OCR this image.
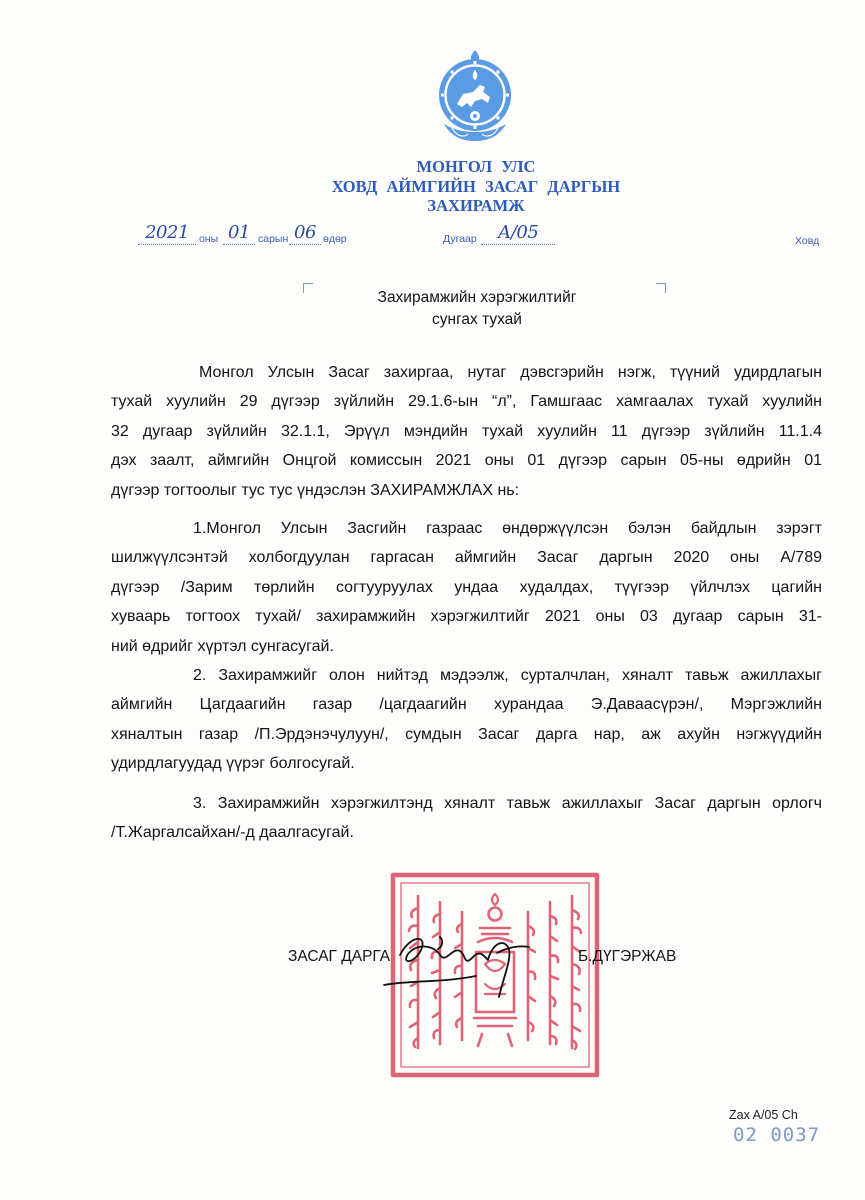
МОНГОЛ УЛС
ХОВД АЙМГИЙН ЗАСАГ ДАРГЫН
ЗАХИРАМЖ
2021 оны 01 сарын 06 өдөр	Дугаар	А/05	Ховд
Захирамжийн хэрэгжилтийг
сунгах тухай
Монгол Улсын Засаг захиргаа, нутаг дэвсгэрийн нэгж, түүний удирдлагын
тухай хуулийн 29 дүгээр зүйлийн 29.1.6-ын “л”, Гамшгаас хамгаалах тухай хуулийн
32 дугаар зүйлийн 32.1.1, Эрүүл мэндийн тухай хуулийн 11 дүгээр зүйлийн 11.1.4
дэх заалт, аймгийн Онцгой комиссын 2021 оны 01 дүгээр сарын 05-ны өдрийн 01
дүгээр тогтоолыг тус тус үндэслэн ЗАХИРАМЖЛАХ нь:
1.Монгол Улсын Засгийн газраас өндөржүүлсэн бэлэн байдлын зэрэгт
шилжүүлсэнтэй холбогдуулан гаргасан аймгийн Засаг даргын 2020 оны А/789
дүгээр /Зарим төрлийн согтууруулах ундаа худалдах, түүгээр үйлчлэх цагийн
хуваарь тогтоох тухай/ захирамжийн хэрэгжилтийг 2021 оны 03 дугаар сарын 31-
ний өдрийг хүртэл сунгасугай.
2. Захирамжийг олон нийтэд мэдээлж, сурталчлан, хяналт тавьж ажиллахыг
аймгийн Цагдаагийн газар /цагдаагийн хурандаа Э.Даваасүрэн/, Мэргэжлийн
хяналтын газар /П.Эрдэнэчулуун/, сумдын Засаг дарга нар, аж ахуйн нэгжүүдийн
удирдлагуудад үүрэг болгосугай.
3. Захирамжийн хэрэгжилтэнд хяналт тавьж ажиллахыг Засаг даргын орлогч
/Т.Жаргалсайхан/-д даалгасугай.
ЗАСАГ ДАРГА	Б.ДҮГЭРЖАВ
Zax A/05 Ch
02 0037
